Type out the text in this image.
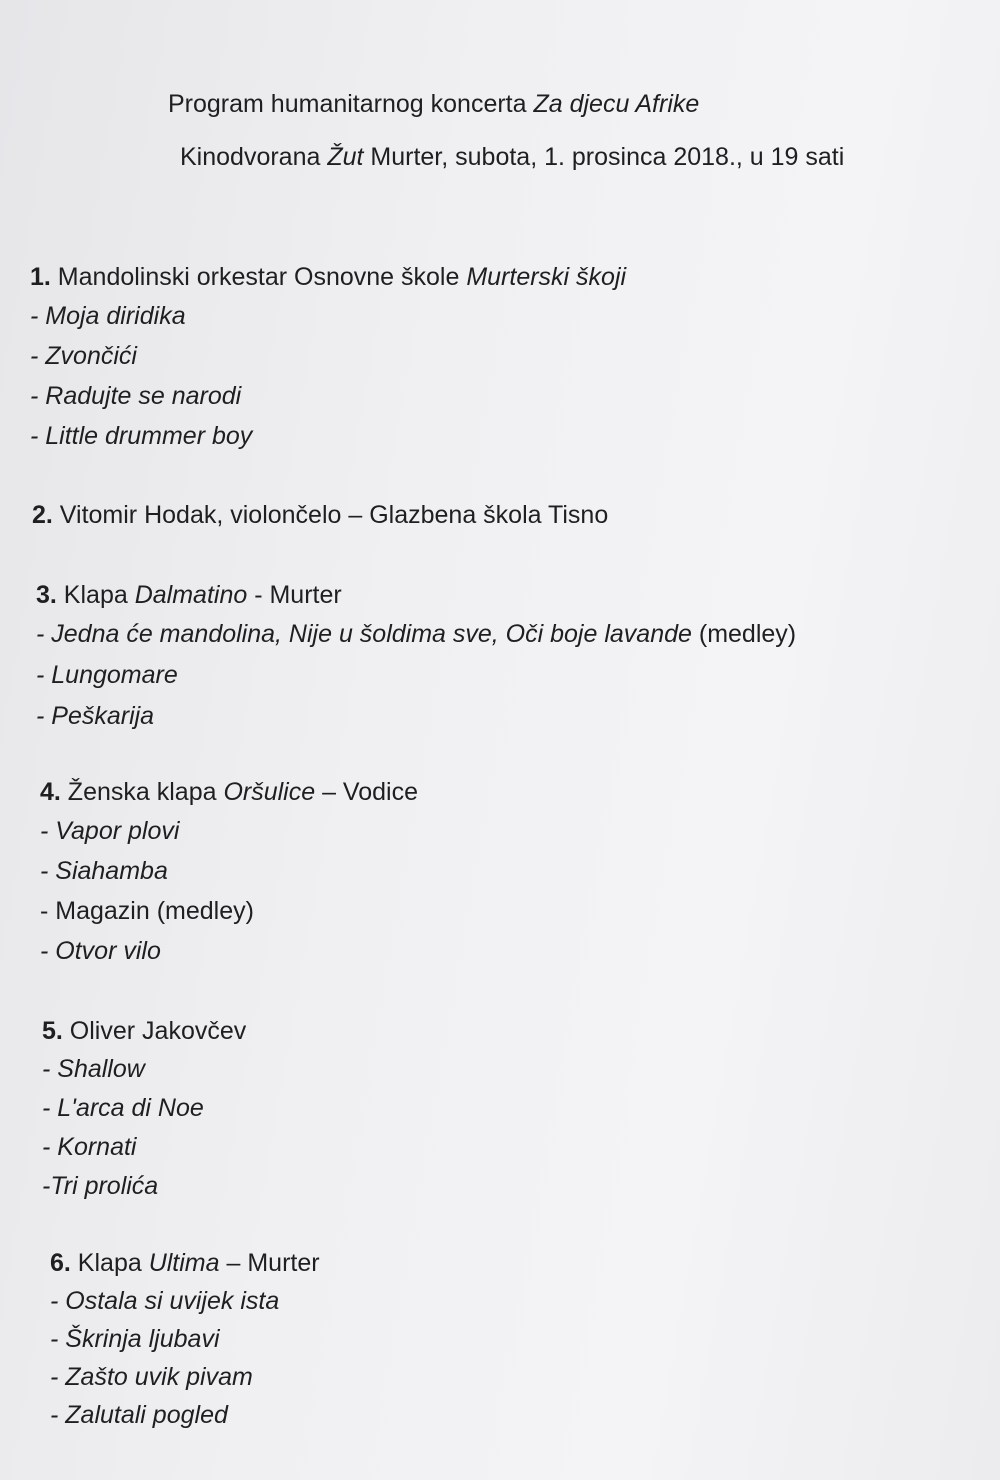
Program humanitarnog koncerta Za djecu Afrike
Kinodvorana Žut Murter, subota, 1. prosinca 2018., u 19 sati
1. Mandolinski orkestar Osnovne škole Murterski škoji
- Moja diridika
- Zvončići
- Radujte se narodi
- Little drummer boy
2. Vitomir Hodak, violončelo – Glazbena škola Tisno
3. Klapa Dalmatino - Murter
- Jedna će mandolina, Nije u šoldima sve, Oči boje lavande (medley)
- Lungomare
- Peškarija
4. Ženska klapa Oršulice – Vodice
- Vapor plovi
- Siahamba
- Magazin (medley)
- Otvor vilo
5. Oliver Jakovčev
- Shallow
- L'arca di Noe
- Kornati
-Tri prolića
6. Klapa Ultima – Murter
- Ostala si uvijek ista
- Škrinja ljubavi
- Zašto uvik pivam
- Zalutali pogled
